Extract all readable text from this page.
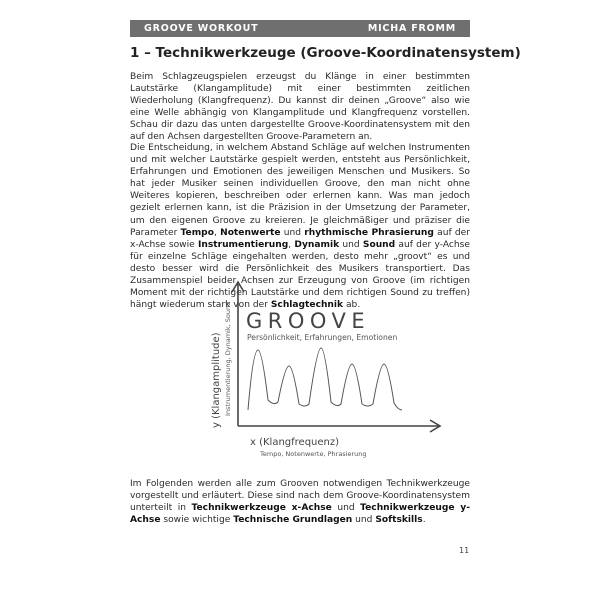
GROOVE WORKOUT	MICHA FROMM
1 – Technikwerkzeuge (Groove-Koordinatensystem)
Beim Schlagzeugspielen erzeugst du Klänge in einer bestimmten Lautstärke (Klangamplitude) mit einer bestimmten zeitlichen Wiederholung (Klangfrequenz). Du kannst dir deinen „Groove“ also wie eine Welle abhängig von Klangamplitude und Klangfrequenz vorstellen. Schau dir dazu das unten dargestellte Groove-Koordinatensystem mit den auf den Achsen dargestellten Groove-Parametern an.
Die Entscheidung, in welchem Abstand Schläge auf welchen Instrumenten und mit welcher Lautstärke gespielt werden, entsteht aus Persönlichkeit, Erfahrungen und Emotionen des jeweiligen Menschen und Musikers. So hat jeder Musiker seinen individuellen Groove, den man nicht ohne Weiteres kopieren, beschreiben oder erlernen kann. Was man jedoch gezielt erlernen kann, ist die Präzision in der Umsetzung der Parameter, um den eigenen Groove zu kreieren. Je gleichmäßiger und präziser die Parameter Tempo, Notenwerte und rhythmische Phrasierung auf der x-Achse sowie Instrumentierung, Dynamik und Sound auf der y-Achse für einzelne Schläge eingehalten werden, desto mehr „groovt“ es und desto besser wird die Persönlichkeit des Musikers transportiert. Das Zusammenspiel beider Achsen zur Erzeugung von Groove (im richtigen Moment mit der richtigen Lautstärke und dem richtigen Sound zu treffen) hängt wiederum stark von der Schlagtechnik ab.
GROOVE
Persönlichkeit, Erfahrungen, Emotionen
y (Klangamplitude) Instrumentierung, Dynamik, Sound
x (Klangfrequenz)
Tempo, Notenwerte, Phrasierung
Im Folgenden werden alle zum Grooven notwendigen Technikwerkzeuge vorgestellt und erläutert. Diese sind nach dem Groove-Koordinatensystem unterteilt in Technikwerkzeuge x-Achse und Technikwerkzeuge y-Achse sowie wichtige Technische Grundlagen und Softskills.
11
